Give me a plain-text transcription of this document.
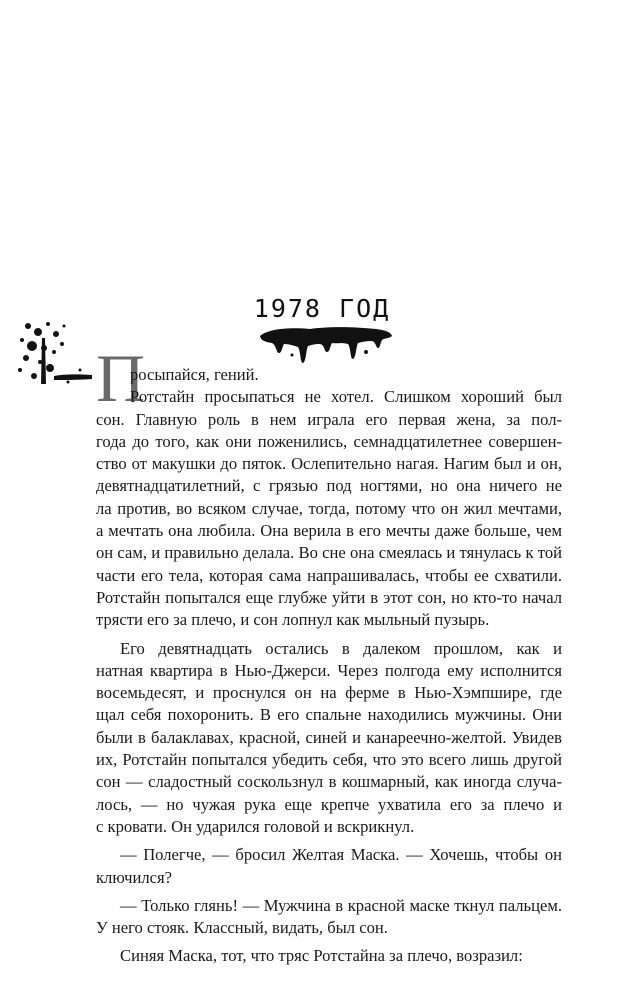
1978 ГОД
П
росыпайся, гений.
Ротстайн просыпаться не хотел. Слишком хороший был
сон. Главную роль в нем играла его первая жена, за пол-
года до того, как они поженились, семнадцатилетнее совершен-
ство от макушки до пяток. Ослепительно нагая. Нагим был и он,
девятнадцатилетний, с грязью под ногтями, но она ничего не
ла против, во всяком случае, тогда, потому что он жил мечтами,
а мечтать она любила. Она верила в его мечты даже больше, чем
он сам, и правильно делала. Во сне она смеялась и тянулась к той
части его тела, которая сама напрашивалась, чтобы ее схватили.
Ротстайн попытался еще глубже уйти в этот сон, но кто-то начал
трясти его за плечо, и сон лопнул как мыльный пузырь.
Его девятнадцать остались в далеком прошлом, как и
натная квартира в Нью-Джерси. Через полгода ему исполнится
восемьдесят, и проснулся он на ферме в Нью-Хэмпшире, где
щал себя похоронить. В его спальне находились мужчины. Они
были в балаклавах, красной, синей и канареечно-желтой. Увидев
их, Ротстайн попытался убедить себя, что это всего лишь другой
сон — сладостный соскользнул в кошмарный, как иногда случа-
лось, — но чужая рука еще крепче ухватила его за плечо и
с кровати. Он ударился головой и вскрикнул.
— Полегче, — бросил Желтая Маска. — Хочешь, чтобы он
ключился?
— Только глянь! — Мужчина в красной маске ткнул пальцем.
У него стояк. Классный, видать, был сон.
Синяя Маска, тот, что тряс Ротстайна за плечо, возразил:
